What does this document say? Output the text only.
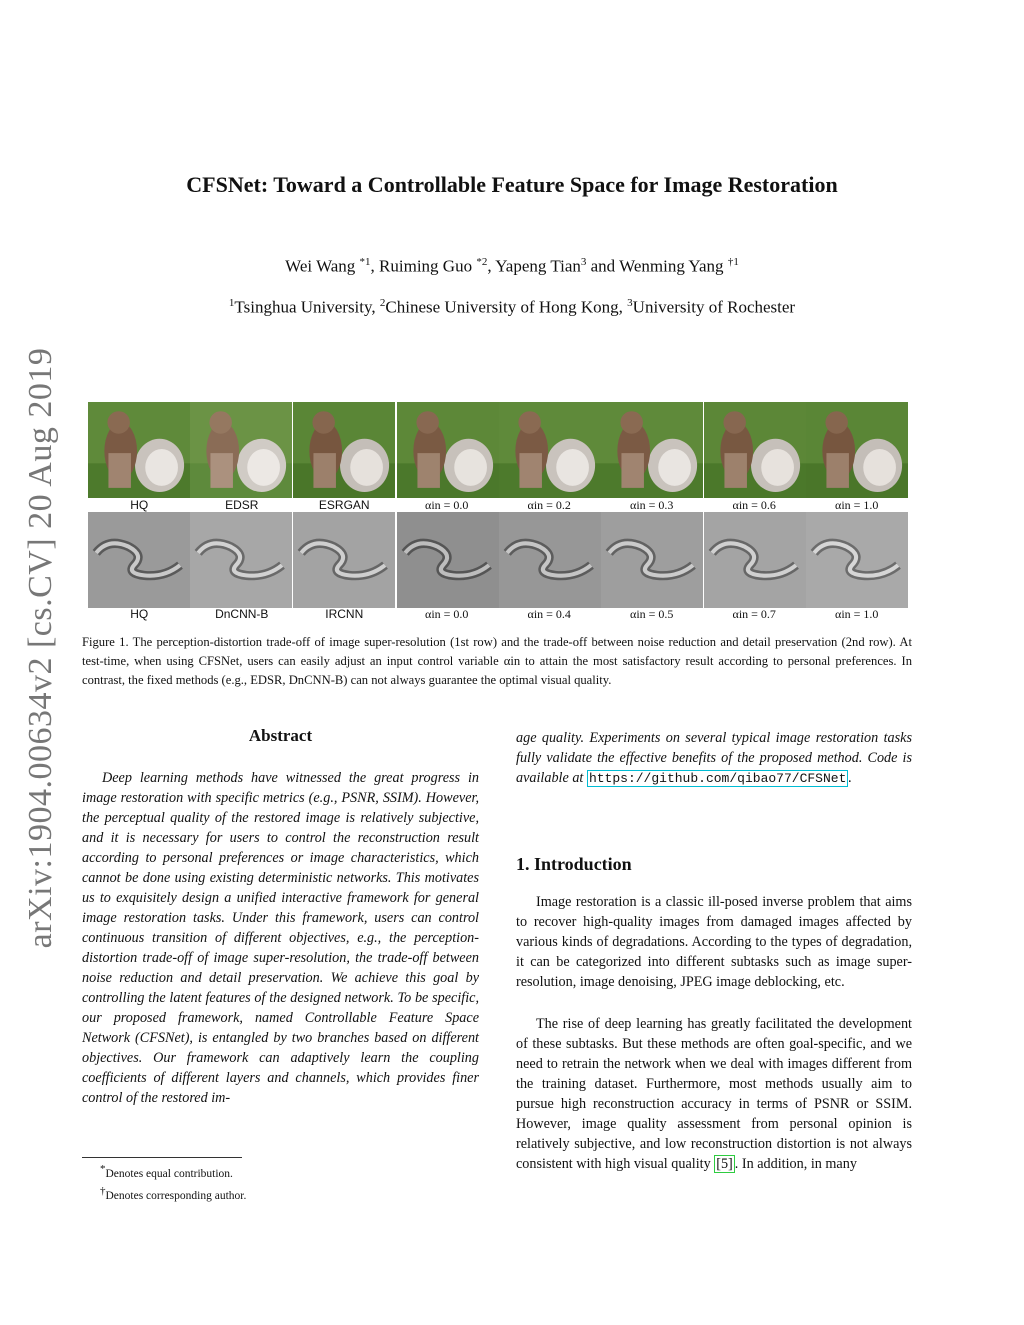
arXiv:1904.00634v2 [cs.CV] 20 Aug 2019
CFSNet: Toward a Controllable Feature Space for Image Restoration
Wei Wang $^{*1}$, Ruiming Guo $^{*2}$, Yapeng Tian$^3$ and Wenming Yang $^{\dagger 1}$
$^1$Tsinghua University, $^2$Chinese University of Hong Kong, $^3$University of Rochester
HQ	EDSR	ESRGAN	αin = 0.0	αin = 0.2	αin = 0.3	αin = 0.6	αin = 1.0
HQ	DnCNN-B	IRCNN	αin = 0.0	αin = 0.4	αin = 0.5	αin = 0.7	αin = 1.0
Figure 1. The perception-distortion trade-off of image super-resolution (1st row) and the trade-off between noise reduction and detail preservation (2nd row). At test-time, when using CFSNet, users can easily adjust an input control variable αin to attain the most satisfactory result according to personal preferences. In contrast, the fixed methods (e.g., EDSR, DnCNN-B) can not always guarantee the optimal visual quality.
Abstract
Deep learning methods have witnessed the great progress in image restoration with specific metrics (e.g., PSNR, SSIM). However, the perceptual quality of the restored image is relatively subjective, and it is necessary for users to control the reconstruction result according to personal preferences or image characteristics, which cannot be done using existing deterministic networks. This motivates us to exquisitely design a unified interactive framework for general image restoration tasks. Under this framework, users can control continuous transition of different objectives, e.g., the perception-distortion trade-off of image super-resolution, the trade-off between noise reduction and detail preservation. We achieve this goal by controlling the latent features of the designed network. To be specific, our proposed framework, named Controllable Feature Space Network (CFSNet), is entangled by two branches based on different objectives. Our framework can adaptively learn the coupling coefficients of different layers and channels, which provides finer control of the restored im-
age quality. Experiments on several typical image restoration tasks fully validate the effective benefits of the proposed method. Code is available at https://github.com/qibao77/CFSNet .
1. Introduction
Image restoration is a classic ill-posed inverse problem that aims to recover high-quality images from damaged images affected by various kinds of degradations. According to the types of degradation, it can be categorized into different subtasks such as image super-resolution, image denoising, JPEG image deblocking, etc.
The rise of deep learning has greatly facilitated the development of these subtasks. But these methods are often goal-specific, and we need to retrain the network when we deal with images different from the training dataset. Furthermore, most methods usually aim to pursue high reconstruction accuracy in terms of PSNR or SSIM. However, image quality assessment from personal opinion is relatively subjective, and low reconstruction distortion is not always consistent with high visual quality [5] . In addition, in many
*Denotes equal contribution.
†Denotes corresponding author.
